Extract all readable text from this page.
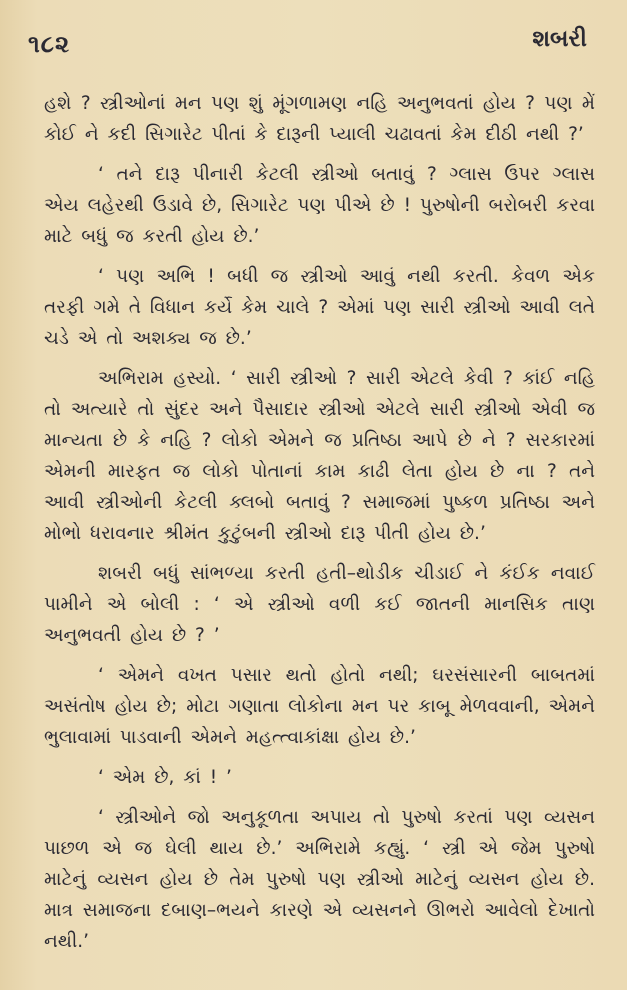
૧૮૨	શબરી

હશે ? સ્ત્રીઓનાં મન પણ શું મૂંગળામણ નહિ અનુભવતાં હોય ? પણ મેં કોઈ ને કદી સિગારેટ પીતાં કે દારૂની પ્યાલી ચઢાવતાં કેમ દીઠી નથી ?’

‘ તને દારૂ પીનારી કેટલી સ્ત્રીઓ બતાવું ? ગ્લાસ ઉપર ગ્લાસ એય લહેરથી ઉડાવે છે, સિગારેટ પણ પીએ છે ! પુરુષોની બરોબરી કરવા માટે બધું જ કરતી હોય છે.’

‘ પણ અભિ ! બધી જ સ્ત્રીઓ આવું નથી કરતી. કેવળ એક તરફી ગમે તે વિધાન કર્યે કેમ ચાલે ? એમાં પણ સારી સ્ત્રીઓ આવી લતે ચડે એ તો અશક્ય જ છે.’

અભિરામ હસ્યો. ‘ સારી સ્ત્રીઓ ? સારી એટલે કેવી ? કાંઈ નહિ તો અત્યારે તો સુંદર અને પૈસાદાર સ્ત્રીઓ એટલે સારી સ્ત્રીઓ એવી જ માન્યતા છે કે નહિ ? લોકો એમને જ પ્રતિષ્ઠા આપે છે ને ? સરકારમાં એમની મારફત જ લોકો પોતાનાં કામ કાઢી લેતા હોય છે ના ? તને આવી સ્ત્રીઓની કેટલી ક્લબો બતાવું ? સમાજમાં પુષ્કળ પ્રતિષ્ઠા અને મોભો ધરાવનાર શ્રીમંત કુટુંબની સ્ત્રીઓ દારૂ પીતી હોય છે.’

શબરી બધું સાંભળ્યા કરતી હતી–થોડીક ચીડાઈ ને કંઈક નવાઈ પામીને એ બોલી : ‘ એ સ્ત્રીઓ વળી કઈ જાતની માનસિક તાણ અનુભવતી હોય છે ? ’

‘ એમને વખત પસાર થતો હોતો નથી; ઘરસંસારની બાબતમાં અસંતોષ હોય છે; મોટા ગણાતા લોકોના મન પર કાબૂ મેળવવાની, એમને ભુલાવામાં પાડવાની એમને મહત્ત્વાકાંક્ષા હોય છે.’

‘ એમ છે, કાં ! ’

‘ સ્ત્રીઓને જો અનુકૂળતા અપાય તો પુરુષો કરતાં પણ વ્યસન પાછળ એ જ ઘેલી થાય છે.’ અભિરામે કહ્યું. ‘ સ્ત્રી એ જેમ પુરુષો માટેનું વ્યસન હોય છે તેમ પુરુષો પણ સ્ત્રીઓ માટેનું વ્યસન હોય છે. માત્ર સમાજના દબાણ–ભયને કારણે એ વ્યસનને ઊભરો આવેલો દેખાતો નથી.’
